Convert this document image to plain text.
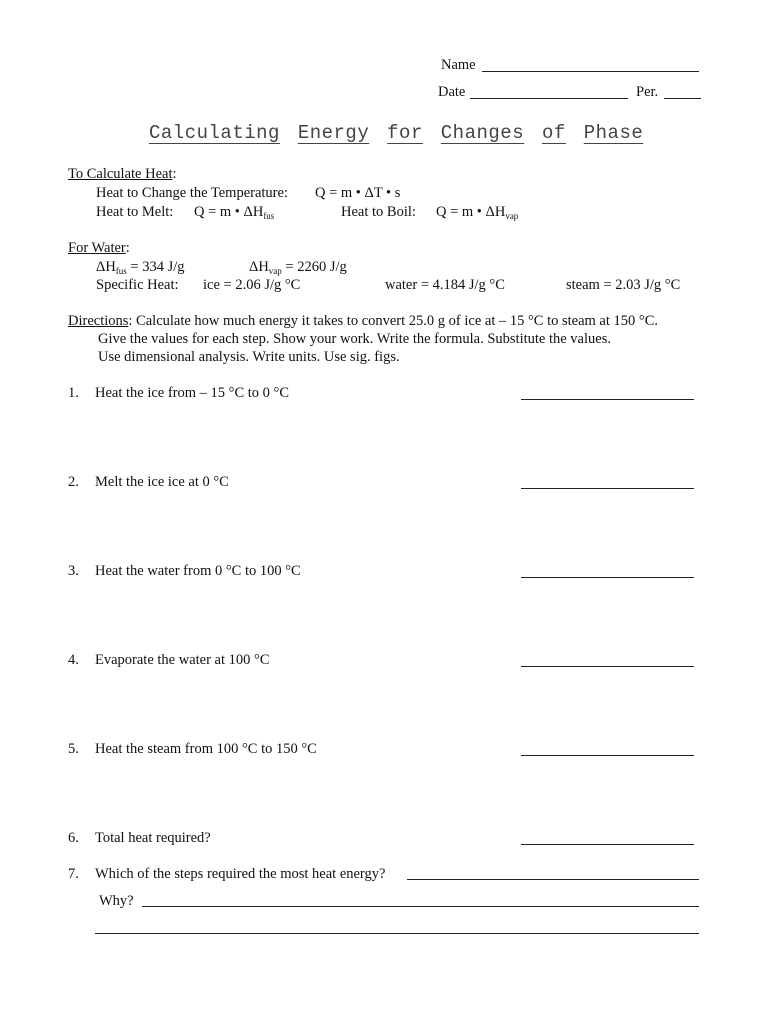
Name
Date	Per.
Calculating Energy for Changes of Phase
To Calculate Heat:
Heat to Change the Temperature: Q = m • ΔT • s
Heat to Melt: Q = m • $\Delta H_{fus}$	Heat to Boil: Q = m • $\Delta H_{vap}$
For Water:
$\Delta H_{fus} = 334$ J/g	$\Delta H_{vap} = 2260$ J/g
Specific Heat: ice = 2.06 J/g °C	water = 4.184 J/g °C	steam = 2.03 J/g °C
Directions: Calculate how much energy it takes to convert 25.0 g of ice at – 15 °C to steam at 150 °C.
Give the values for each step. Show your work. Write the formula. Substitute the values.
Use dimensional analysis. Write units. Use sig. figs.
1. Heat the ice from – 15 °C to 0 °C
2. Melt the ice ice at 0 °C
3. Heat the water from 0 °C to 100 °C
4. Evaporate the water at 100 °C
5. Heat the steam from 100 °C to 150 °C
6. Total heat required?
7. Which of the steps required the most heat energy?
Why?
